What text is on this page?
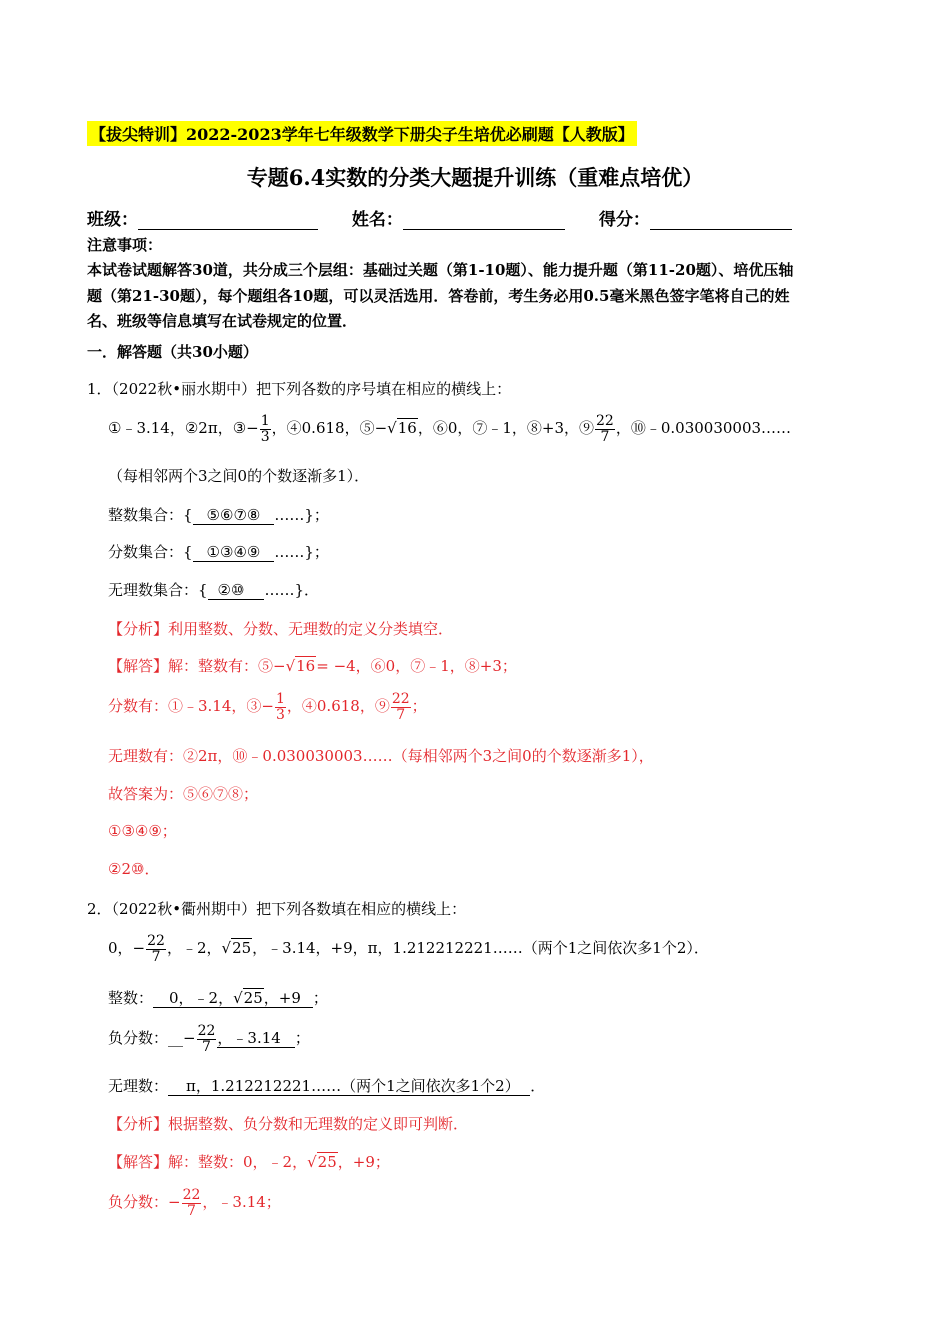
【拔尖特训】2022-2023学年七年级数学下册尖子生培优必刷题【人教版】
专题6.4实数的分类大题提升训练（重难点培优）
班级：	姓名：	得分：
注意事项：
本试卷试题解答30道，共分成三个层组：基础过关题（第1-10题）、能力提升题（第11-20题）、培优压轴
题（第21-30题），每个题组各10题，可以灵活选用．答卷前，考生务必用0.5毫米黑色签字笔将自己的姓
名、班级等信息填写在试卷规定的位置．
一．解答题（共30小题）
1．（2022秋•丽水期中）把下列各数的序号填在相应的横线上：
①﹣3.14，②2π，③− $\frac{1}{3}$ ，④0.618，⑤−√16，⑥0，⑦﹣1，⑧+3，⑨ $\frac{22}{7}$ ，⑩﹣0.030030003……
（每相邻两个3之间0的个数逐渐多1）．
整数集合：{ ⑤⑥⑦⑧ ……}；
分数集合：{ ①③④⑨ ……}；
无理数集合：{ ②⑩ ……}．
【分析】利用整数、分数、无理数的定义分类填空．
【解答】解：整数有：⑤−√16= −4，⑥0，⑦﹣1，⑧+3；
分数有：①﹣3.14，③− $\frac{1}{3}$ ，④0.618，⑨ $\frac{22}{7}$ ；
无理数有：②2π，⑩﹣0.030030003……（每相邻两个3之间0的个数逐渐多1），
故答案为：⑤⑥⑦⑧；
①③④⑨；
②2⑩．
2．（2022秋•衢州期中）把下列各数填在相应的横线上：
0，− $\frac{22}{7}$ ，﹣2，√25，﹣3.14，+9，π，1.212212221……（两个1之间依次多1个2）．
整数： 0，﹣2，√25，+9 ；
负分数：__− $\frac{22}{7}$ ，﹣3.14 ；
无理数： π，1.212212221……（两个1之间依次多1个2） ．
【分析】根据整数、负分数和无理数的定义即可判断．
【解答】解：整数：0，﹣2，√25，+9；
负分数：− $\frac{22}{7}$ ，﹣3.14；
